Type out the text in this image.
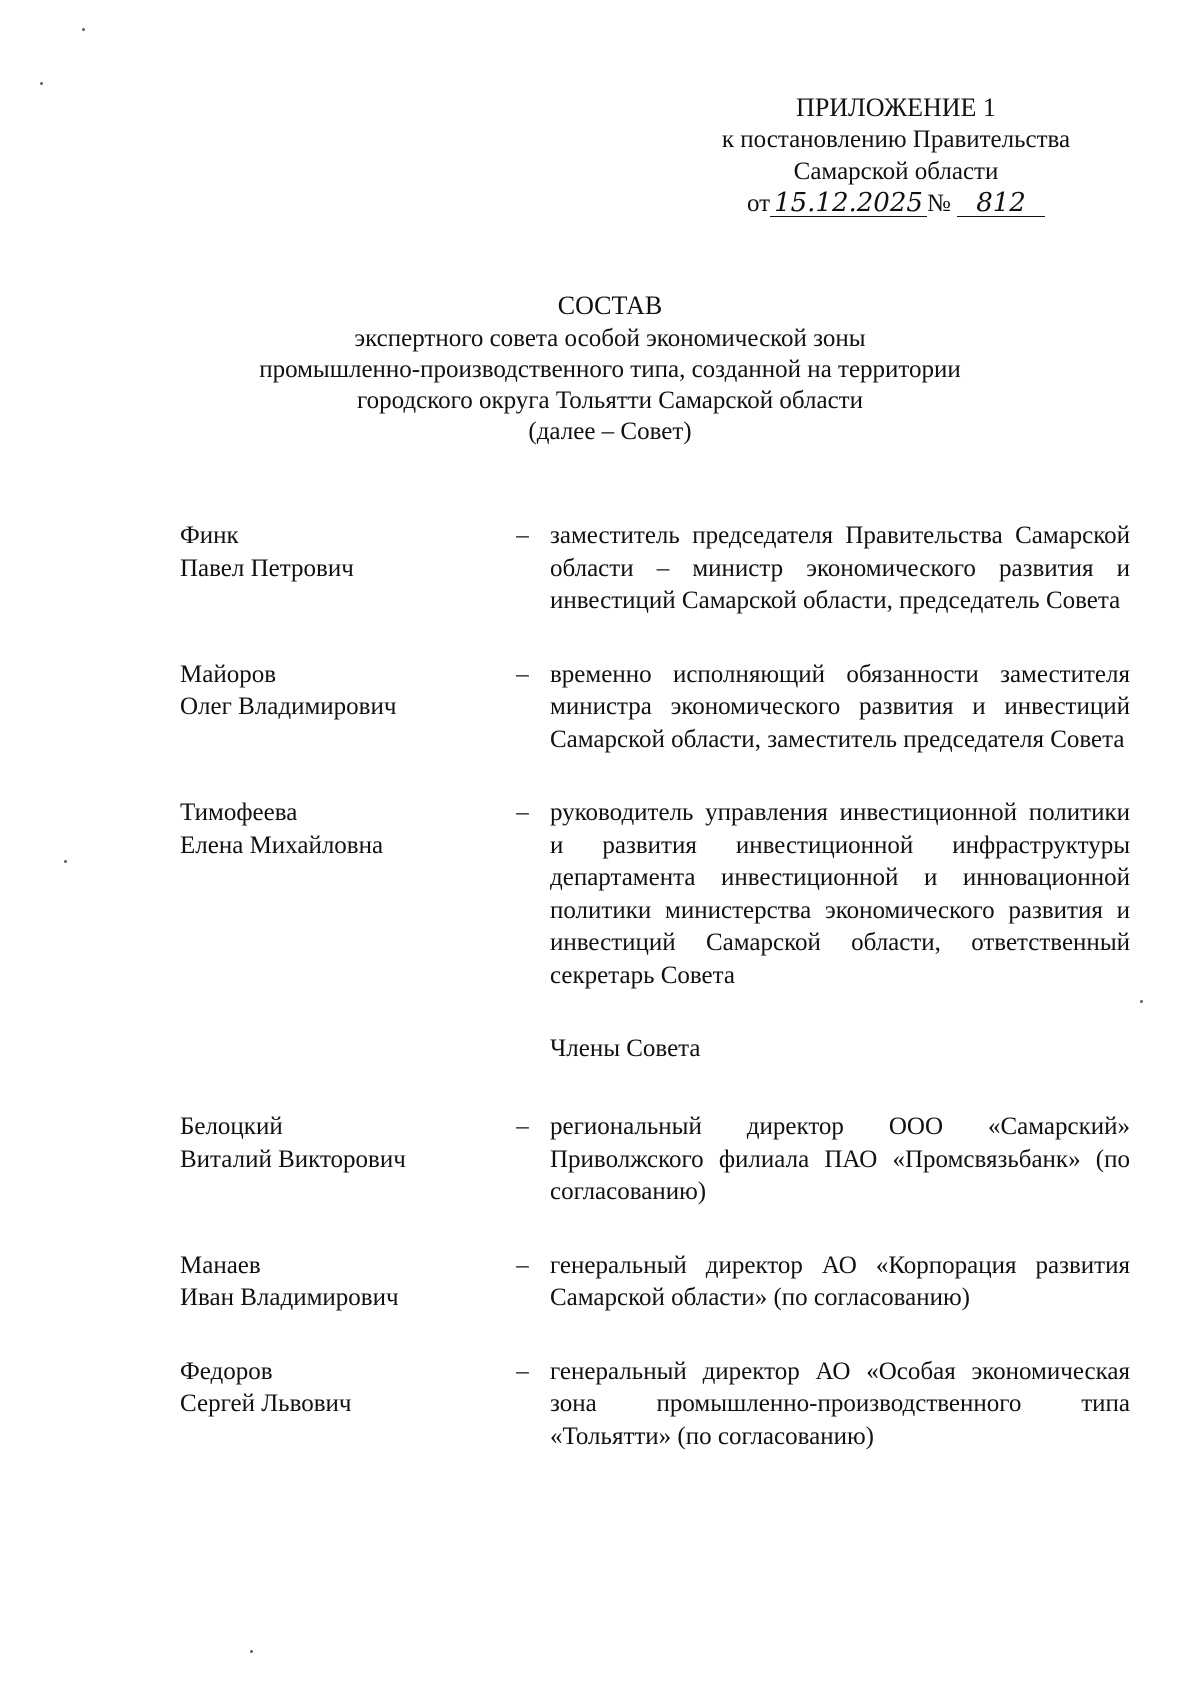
ПРИЛОЖЕНИЕ 1
к постановлению Правительства
Самарской области
от 15.12.2025 № 812
СОСТАВ
экспертного совета особой экономической зоны
промышленно-производственного типа, созданной на территории
городского округа Тольятти Самарской области
(далее – Совет)
Финк
Павел Петрович
– заместитель председателя Правительства Самарской области – министр экономического развития и инвестиций Самарской области, председатель Совета
Майоров
Олег Владимирович
– временно исполняющий обязанности заместителя министра экономического развития и инвестиций Самарской области, заместитель председателя Совета
Тимофеева
Елена Михайловна
– руководитель управления инвестиционной политики и развития инвестиционной инфраструктуры департамента инвестиционной и инновационной политики министерства экономического развития и инвестиций Самарской области, ответственный секретарь Совета
Члены Совета
Белоцкий
Виталий Викторович
– региональный директор ООО «Самарский» Приволжского филиала ПАО «Промсвязьбанк» (по согласованию)
Манаев
Иван Владимирович
– генеральный директор АО «Корпорация развития Самарской области» (по согласованию)
Федоров
Сергей Львович
– генеральный директор АО «Особая экономическая зона промышленно-производственного типа «Тольятти» (по согласованию)
